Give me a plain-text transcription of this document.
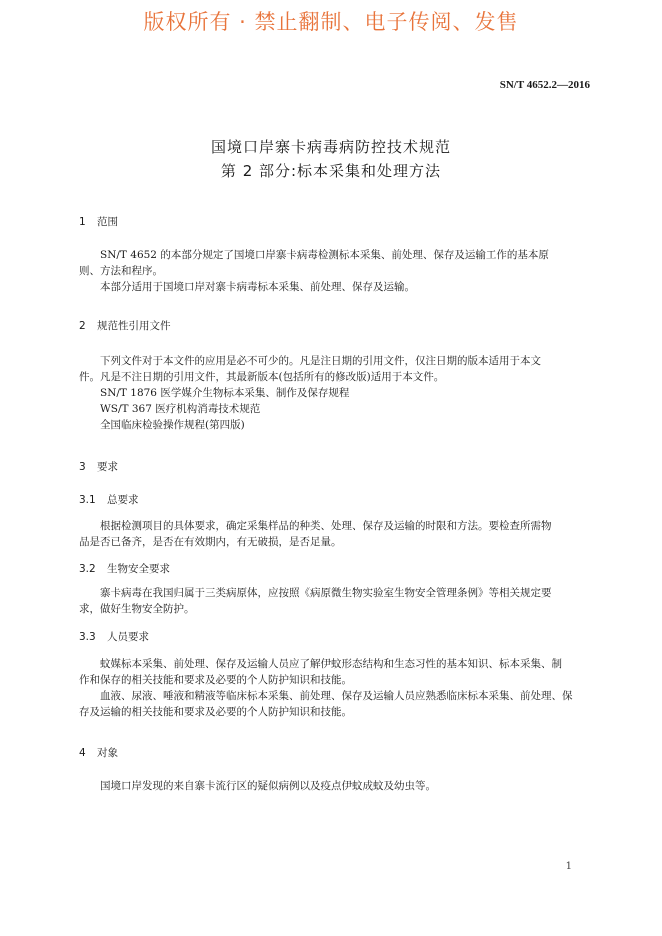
版权所有 · 禁止翻制、电子传阅、发售
SN/T 4652.2—2016
国境口岸寨卡病毒病防控技术规范
第 2 部分:标本采集和处理方法
1 范围
SN/T 4652 的本部分规定了国境口岸寨卡病毒检测标本采集、前处理、保存及运输工作的基本原
则、方法和程序。
本部分适用于国境口岸对寨卡病毒标本采集、前处理、保存及运输。
2 规范性引用文件
下列文件对于本文件的应用是必不可少的。凡是注日期的引用文件，仅注日期的版本适用于本文
件。凡是不注日期的引用文件，其最新版本(包括所有的修改版)适用于本文件。
SN/T 1876 医学媒介生物标本采集、制作及保存规程
WS/T 367 医疗机构消毒技术规范
全国临床检验操作规程(第四版)
3 要求
3.1 总要求
根据检测项目的具体要求，确定采集样品的种类、处理、保存及运输的时限和方法。要检查所需物
品是否已备齐，是否在有效期内，有无破损，是否足量。
3.2 生物安全要求
寨卡病毒在我国归属于三类病原体，应按照《病原微生物实验室生物安全管理条例》等相关规定要
求，做好生物安全防护。
3.3 人员要求
蚊媒标本采集、前处理、保存及运输人员应了解伊蚊形态结构和生态习性的基本知识、标本采集、制
作和保存的相关技能和要求及必要的个人防护知识和技能。
血液、尿液、唾液和精液等临床标本采集、前处理、保存及运输人员应熟悉临床标本采集、前处理、保
存及运输的相关技能和要求及必要的个人防护知识和技能。
4 对象
国境口岸发现的来自寨卡流行区的疑似病例以及疫点伊蚊成蚊及幼虫等。
1
